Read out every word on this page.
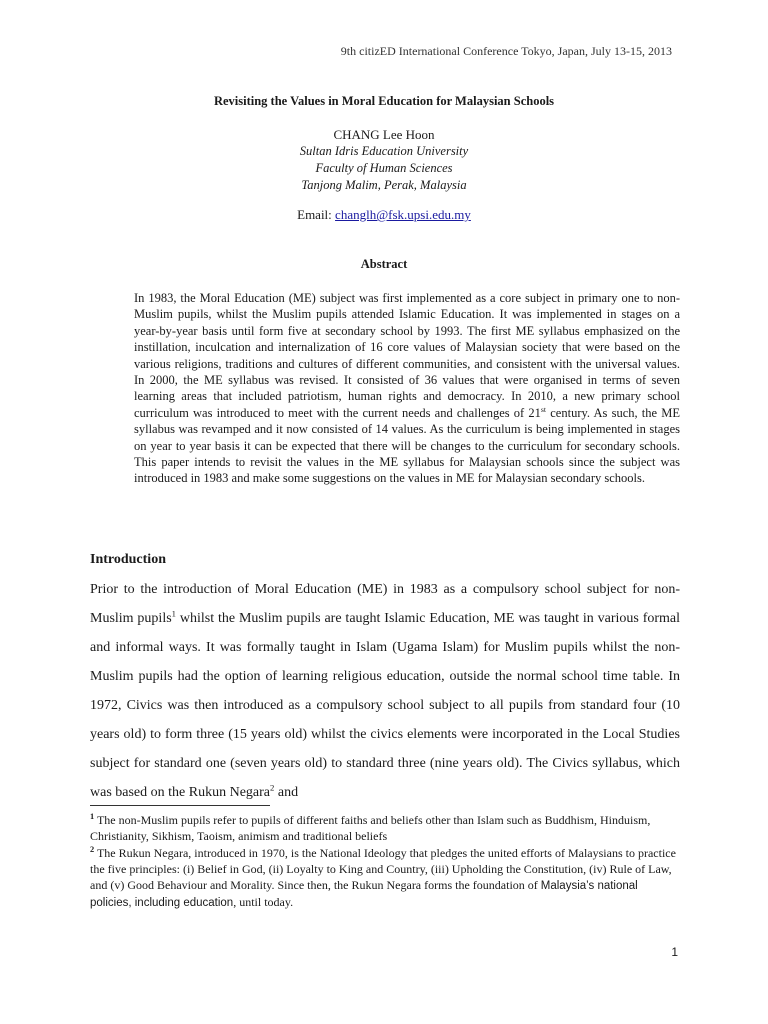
9th citizED International Conference Tokyo, Japan, July 13-15, 2013
Revisiting the Values in Moral Education for Malaysian Schools
CHANG Lee Hoon
Sultan Idris Education University
Faculty of Human Sciences
Tanjong Malim, Perak, Malaysia
Email: changlh@fsk.upsi.edu.my
Abstract

In 1983, the Moral Education (ME) subject was first implemented as a core subject in primary one to non-Muslim pupils, whilst the Muslim pupils attended Islamic Education. It was implemented in stages on a year-by-year basis until form five at secondary school by 1993. The first ME syllabus emphasized on the instillation, inculcation and internalization of 16 core values of Malaysian society that were based on the various religions, traditions and cultures of different communities, and consistent with the universal values. In 2000, the ME syllabus was revised. It consisted of 36 values that were organised in terms of seven learning areas that included patriotism, human rights and democracy. In 2010, a new primary school curriculum was introduced to meet with the current needs and challenges of 21st century. As such, the ME syllabus was revamped and it now consisted of 14 values. As the curriculum is being implemented in stages on year to year basis it can be expected that there will be changes to the curriculum for secondary schools. This paper intends to revisit the values in the ME syllabus for Malaysian schools since the subject was introduced in 1983 and make some suggestions on the values in ME for Malaysian secondary schools.

Introduction

Prior to the introduction of Moral Education (ME) in 1983 as a compulsory school subject for non-Muslim pupils$^1$ whilst the Muslim pupils are taught Islamic Education, ME was taught in various formal and informal ways. It was formally taught in Islam (Ugama Islam) for Muslim pupils whilst the non-Muslim pupils had the option of learning religious education, outside the normal school time table. In 1972, Civics was then introduced as a compulsory school subject to all pupils from standard four (10 years old) to form three (15 years old) whilst the civics elements were incorporated in the Local Studies subject for standard one (seven years old) to standard three (nine years old). The Civics syllabus, which was based on the Rukun Negara$^2$ and

$^1$ The non-Muslim pupils refer to pupils of different faiths and beliefs other than Islam such as Buddhism, Hinduism, Christianity, Sikhism, Taoism, animism and traditional beliefs

$^2$ The Rukun Negara, introduced in 1970, is the National Ideology that pledges the united efforts of Malaysians to practice the five principles: (i) Belief in God, (ii) Loyalty to King and Country, (iii) Upholding the Constitution, (iv) Rule of Law, and (v) Good Behaviour and Morality. Since then, the Rukun Negara forms the foundation of Malaysia’s national policies, including education, until today.

1
